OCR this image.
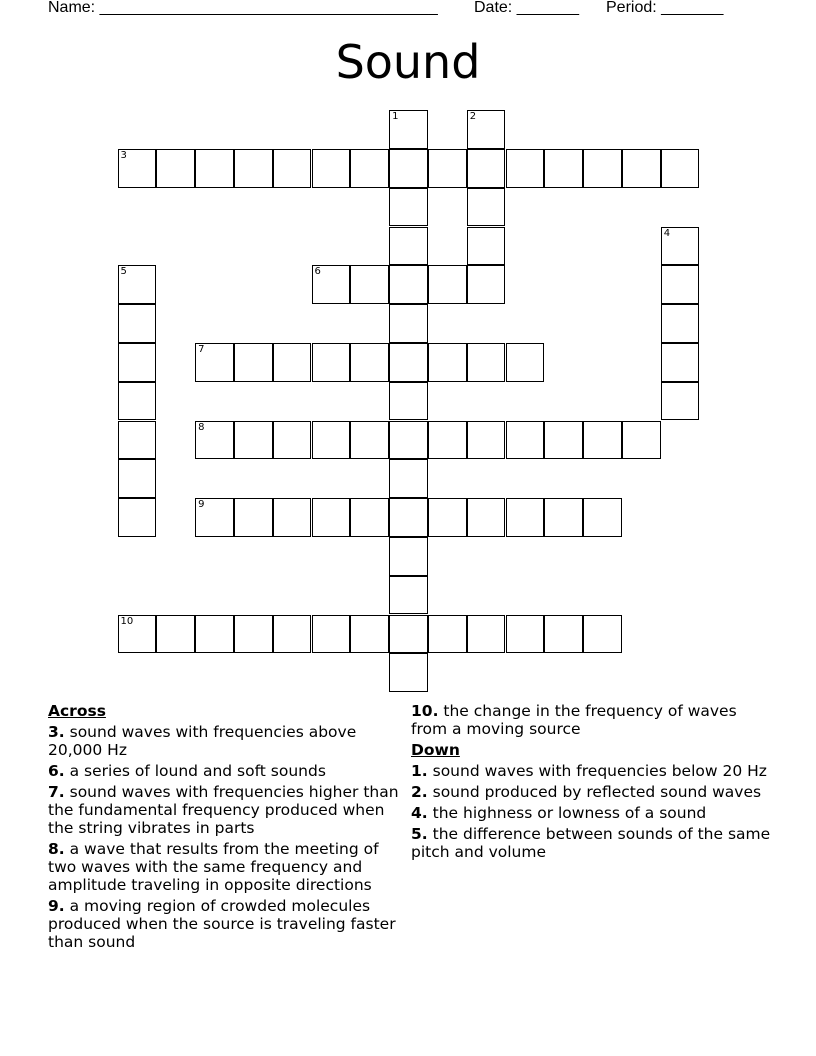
Name: ______________________________________ Date: _______ Period: _______
Sound
1	2
3
4
5	6
7
8
9
10
Across
3. sound waves with frequencies above 20,000 Hz
6. a series of lound and soft sounds
7. sound waves with frequencies higher than the fundamental frequency produced when the string vibrates in parts
8. a wave that results from the meeting of two waves with the same frequency and amplitude traveling in opposite directions
9. a moving region of crowded molecules produced when the source is traveling faster than sound
10. the change in the frequency of waves from a moving source
Down
1. sound waves with frequencies below 20 Hz
2. sound produced by reflected sound waves
4. the highness or lowness of a sound
5. the difference between sounds of the same pitch and volume
